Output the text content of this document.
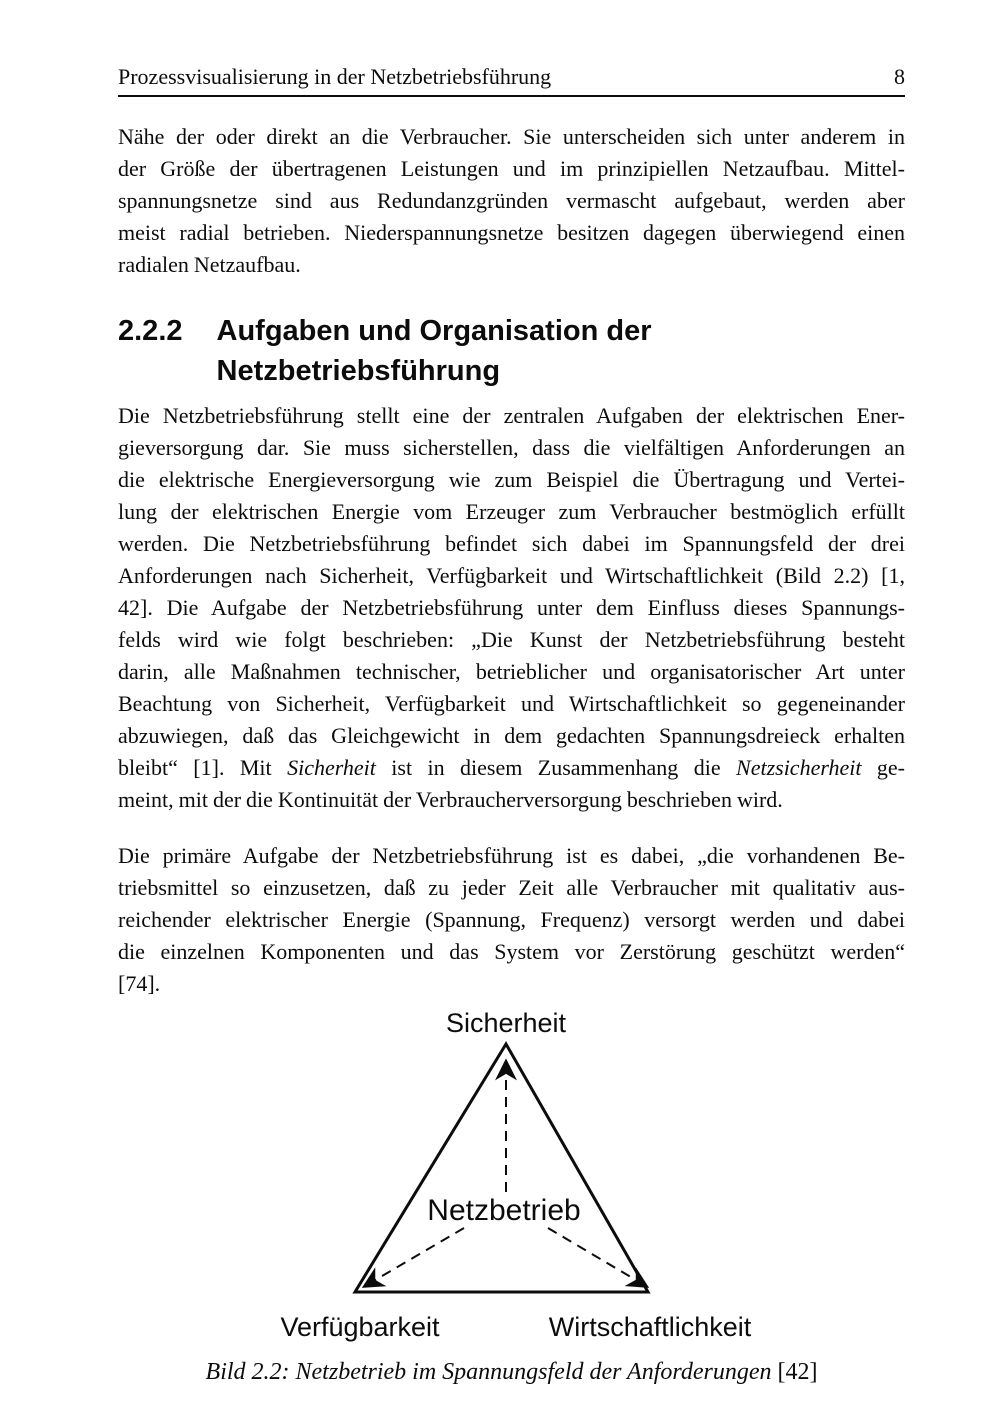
Prozessvisualisierung in der Netzbetriebsführung	8
Nähe der oder direkt an die Verbraucher. Sie unterscheiden sich unter anderem in
der Größe der übertragenen Leistungen und im prinzipiellen Netzaufbau. Mittel-
spannungsnetze sind aus Redundanzgründen vermascht aufgebaut, werden aber
meist radial betrieben. Niederspannungsnetze besitzen dagegen überwiegend einen
radialen Netzaufbau.
2.2.2 Aufgaben und Organisation der Netzbetriebsführung
Die Netzbetriebsführung stellt eine der zentralen Aufgaben der elektrischen Ener-
gieversorgung dar. Sie muss sicherstellen, dass die vielfältigen Anforderungen an
die elektrische Energieversorgung wie zum Beispiel die Übertragung und Vertei-
lung der elektrischen Energie vom Erzeuger zum Verbraucher bestmöglich erfüllt
werden. Die Netzbetriebsführung befindet sich dabei im Spannungsfeld der drei
Anforderungen nach Sicherheit, Verfügbarkeit und Wirtschaftlichkeit (Bild 2.2) [1,
42]. Die Aufgabe der Netzbetriebsführung unter dem Einfluss dieses Spannungs-
felds wird wie folgt beschrieben: „Die Kunst der Netzbetriebsführung besteht
darin, alle Maßnahmen technischer, betrieblicher und organisatorischer Art unter
Beachtung von Sicherheit, Verfügbarkeit und Wirtschaftlichkeit so gegeneinander
abzuwiegen, daß das Gleichgewicht in dem gedachten Spannungsdreieck erhalten
bleibt“ [1]. Mit Sicherheit ist in diesem Zusammenhang die Netzsicherheit ge-
meint, mit der die Kontinuität der Verbraucherversorgung beschrieben wird.
Die primäre Aufgabe der Netzbetriebsführung ist es dabei, „die vorhandenen Be-
triebsmittel so einzusetzen, daß zu jeder Zeit alle Verbraucher mit qualitativ aus-
reichender elektrischer Energie (Spannung, Frequenz) versorgt werden und dabei
die einzelnen Komponenten und das System vor Zerstörung geschützt werden“
[74].
Sicherheit
Netzbetrieb
Verfügbarkeit	Wirtschaftlichkeit
Bild 2.2: Netzbetrieb im Spannungsfeld der Anforderungen [42]
